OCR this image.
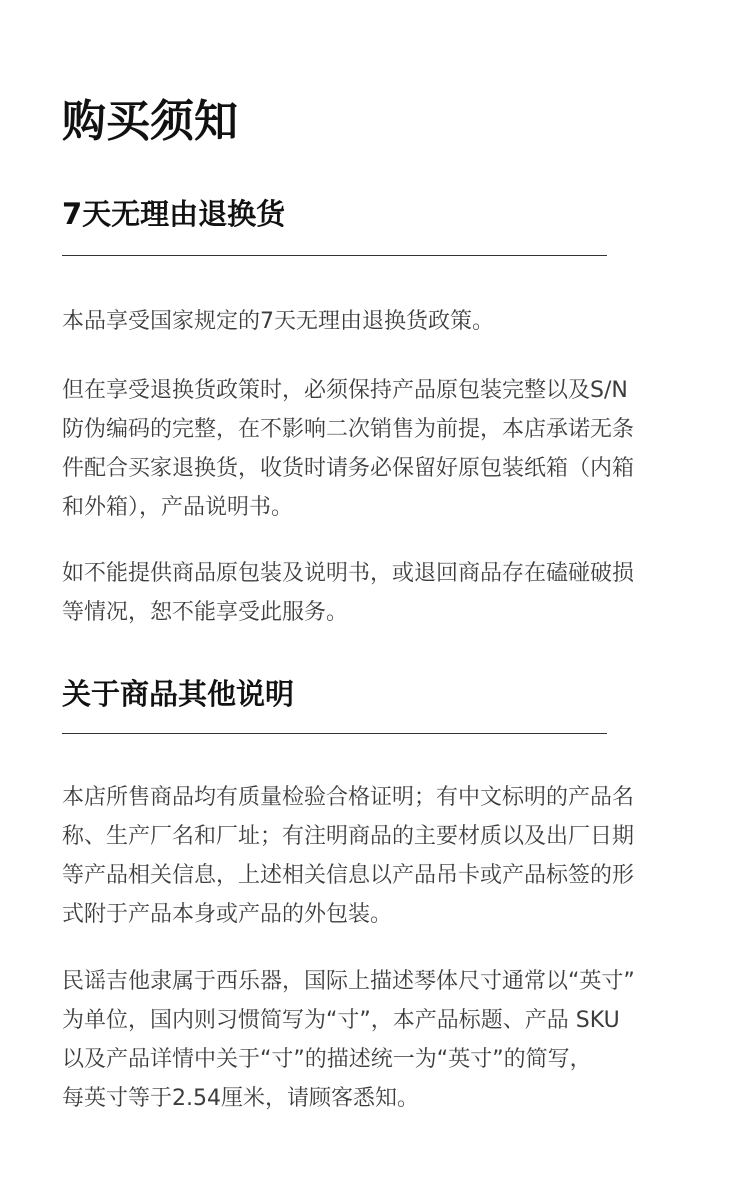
购买须知
7天无理由退换货
本品享受国家规定的7天无理由退换货政策。
但在享受退换货政策时，必须保持产品原包装完整以及S/N
防伪编码的完整，在不影响二次销售为前提，本店承诺无条
件配合买家退换货，收货时请务必保留好原包装纸箱（内箱
和外箱），产品说明书。
如不能提供商品原包装及说明书，或退回商品存在磕碰破损
等情况，恕不能享受此服务。
关于商品其他说明
本店所售商品均有质量检验合格证明；有中文标明的产品名
称、生产厂名和厂址；有注明商品的主要材质以及出厂日期
等产品相关信息，上述相关信息以产品吊卡或产品标签的形
式附于产品本身或产品的外包装。
民谣吉他隶属于西乐器，国际上描述琴体尺寸通常以“英寸”
为单位，国内则习惯简写为“寸”，本产品标题、产品 SKU
以及产品详情中关于“寸”的描述统一为“英寸”的简写，
每英寸等于2.54厘米，请顾客悉知。
